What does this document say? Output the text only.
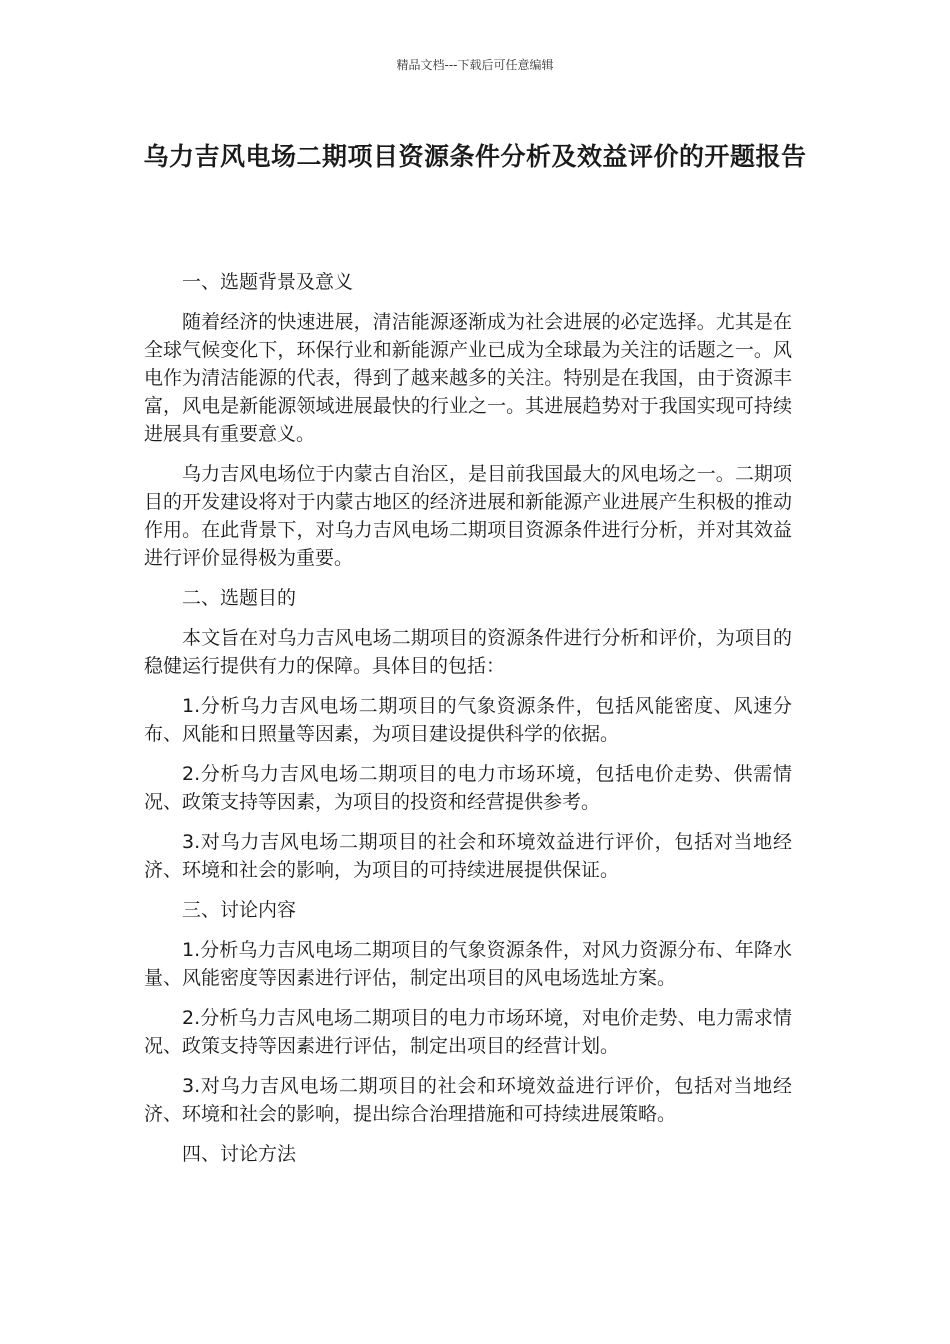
精品文档---下载后可任意编辑
乌力吉风电场二期项目资源条件分析及效益评价的开题报告

一、选题背景及意义

随着经济的快速进展，清洁能源逐渐成为社会进展的必定选择。尤其是在全球气候变化下，环保行业和新能源产业已成为全球最为关注的话题之一。风电作为清洁能源的代表，得到了越来越多的关注。特别是在我国，由于资源丰富，风电是新能源领域进展最快的行业之一。其进展趋势对于我国实现可持续进展具有重要意义。

乌力吉风电场位于内蒙古自治区，是目前我国最大的风电场之一。二期项目的开发建设将对于内蒙古地区的经济进展和新能源产业进展产生积极的推动作用。在此背景下，对乌力吉风电场二期项目资源条件进行分析，并对其效益进行评价显得极为重要。

二、选题目的

本文旨在对乌力吉风电场二期项目的资源条件进行分析和评价，为项目的稳健运行提供有力的保障。具体目的包括：

1.分析乌力吉风电场二期项目的气象资源条件，包括风能密度、风速分布、风能和日照量等因素，为项目建设提供科学的依据。

2.分析乌力吉风电场二期项目的电力市场环境，包括电价走势、供需情况、政策支持等因素，为项目的投资和经营提供参考。

3.对乌力吉风电场二期项目的社会和环境效益进行评价，包括对当地经济、环境和社会的影响，为项目的可持续进展提供保证。

三、讨论内容

1.分析乌力吉风电场二期项目的气象资源条件，对风力资源分布、年降水量、风能密度等因素进行评估，制定出项目的风电场选址方案。

2.分析乌力吉风电场二期项目的电力市场环境，对电价走势、电力需求情况、政策支持等因素进行评估，制定出项目的经营计划。

3.对乌力吉风电场二期项目的社会和环境效益进行评价，包括对当地经济、环境和社会的影响，提出综合治理措施和可持续进展策略。

四、讨论方法
